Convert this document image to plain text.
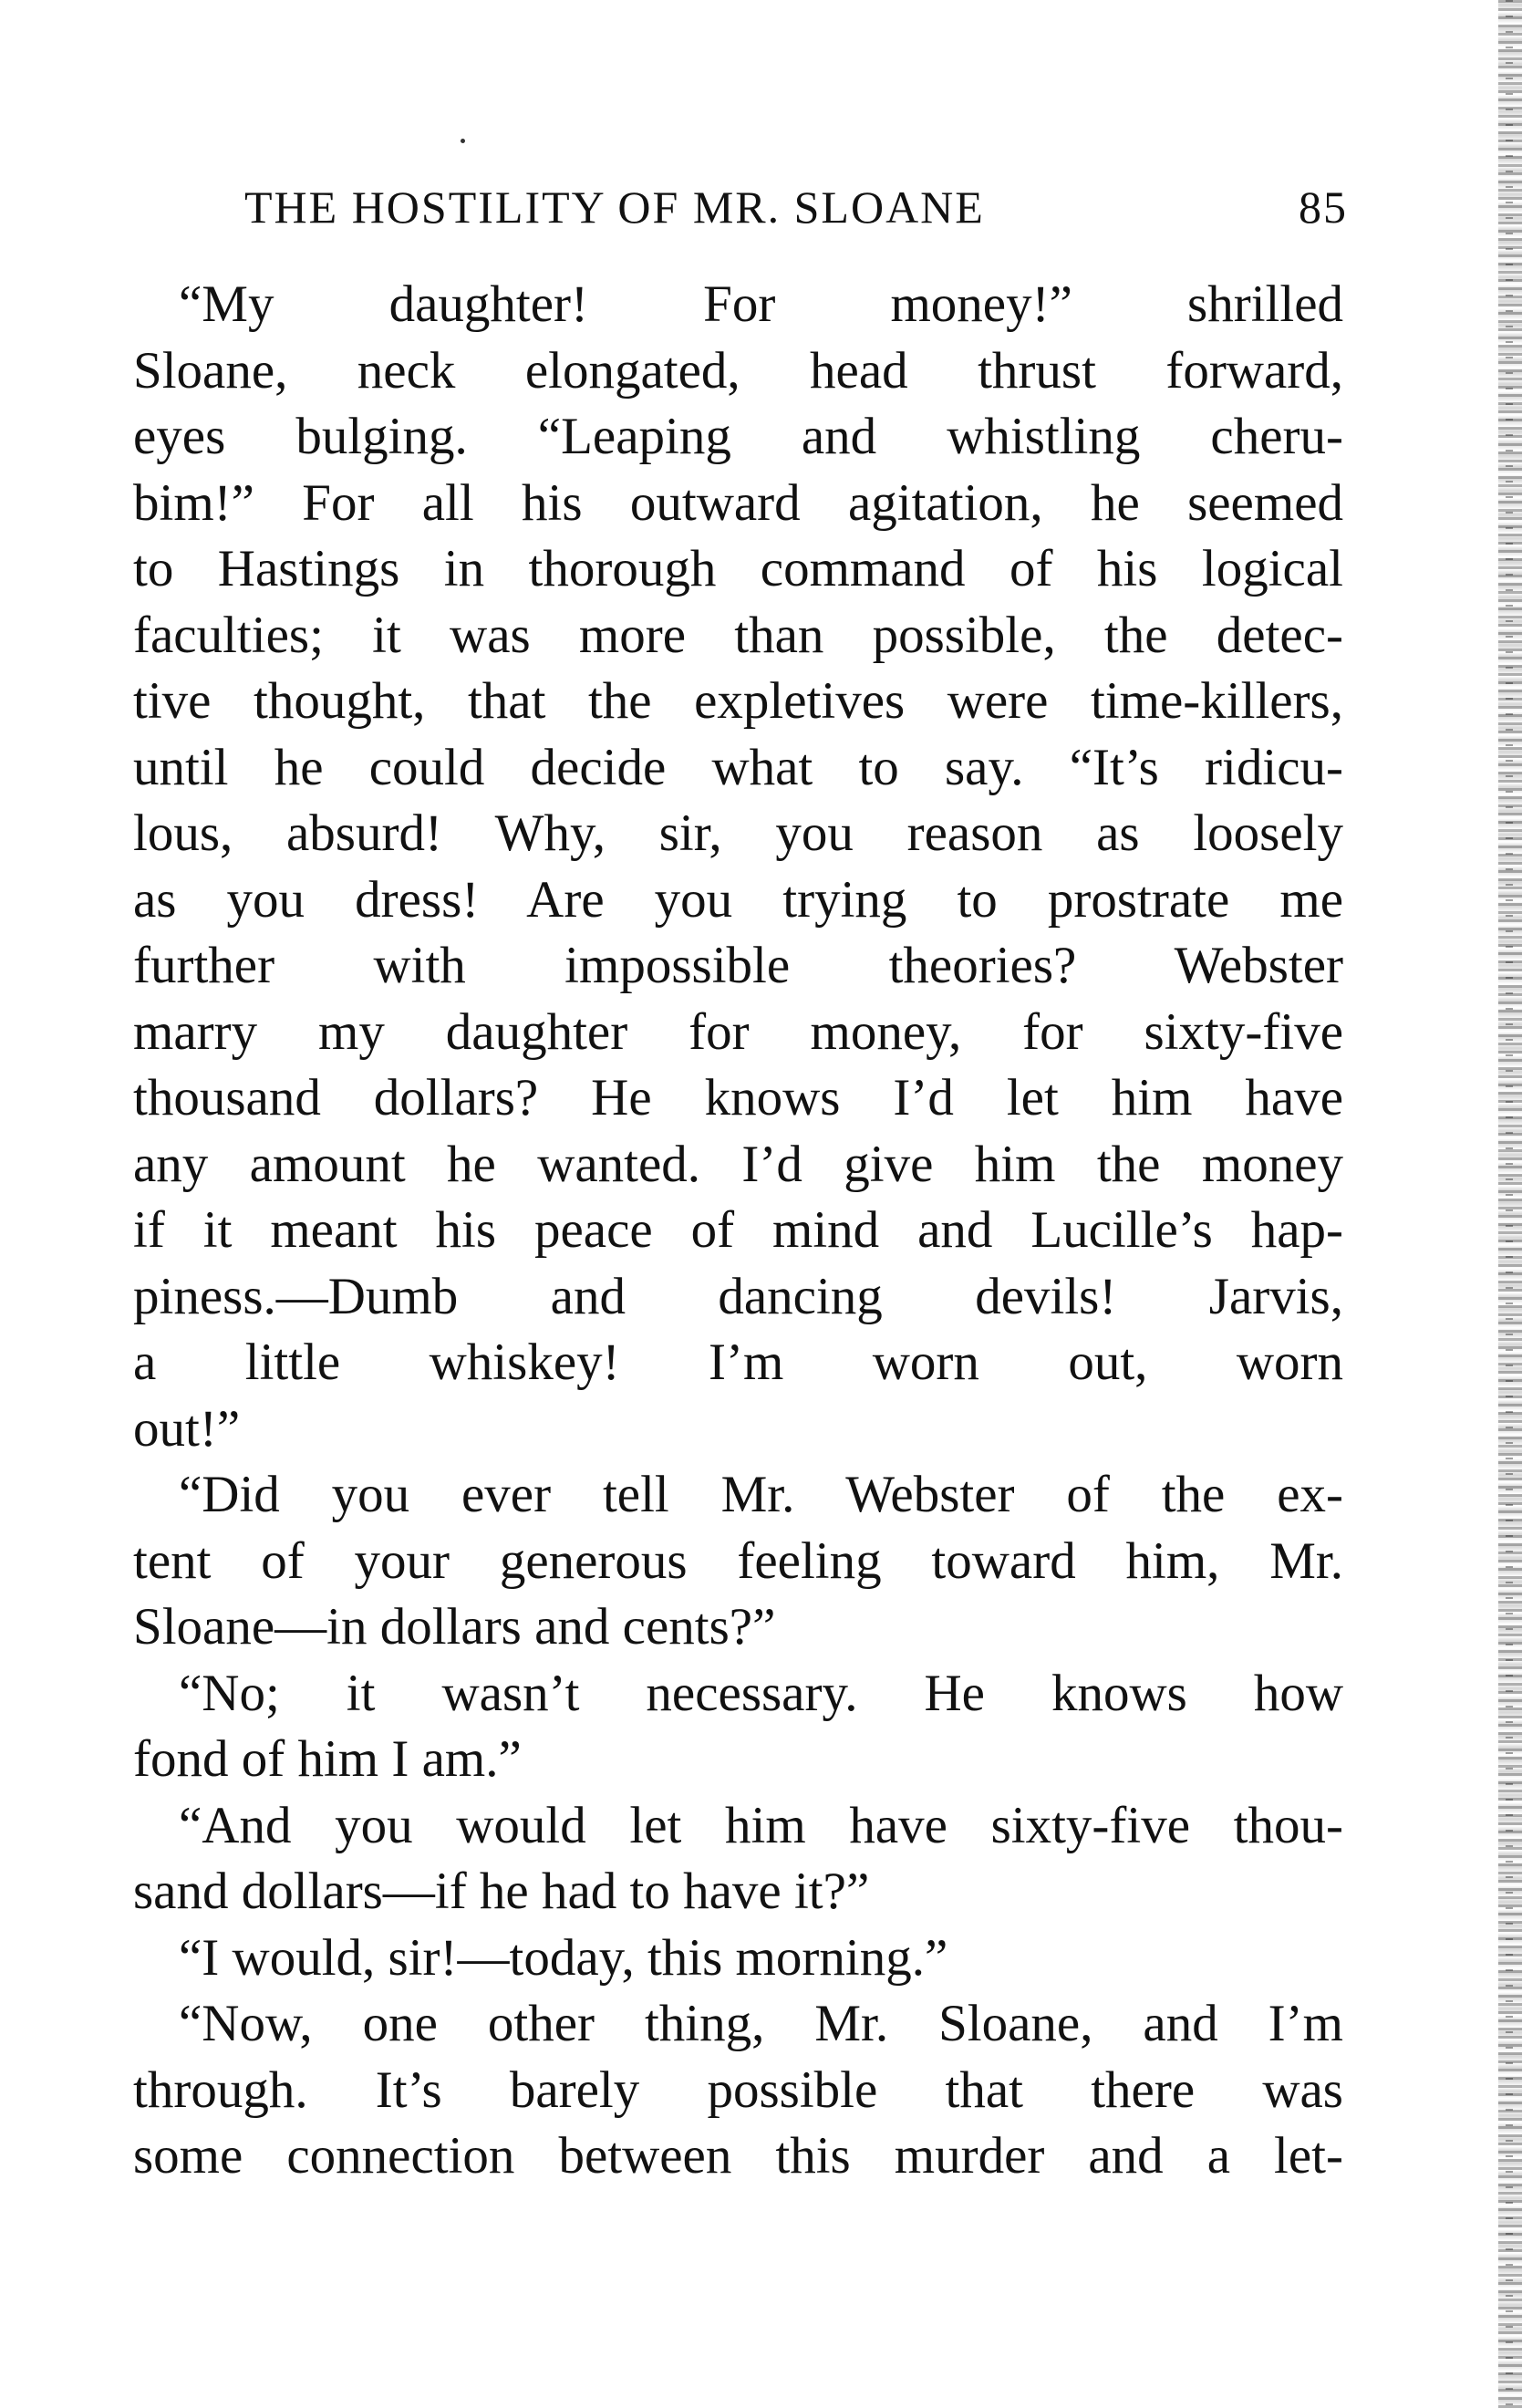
THE HOSTILITY OF MR. SLOANE	85
“My daughter! For money!” shrilled
Sloane, neck elongated, head thrust forward,
eyes bulging. “Leaping and whistling cheru-
bim!” For all his outward agitation, he seemed
to Hastings in thorough command of his logical
faculties; it was more than possible, the detec-
tive thought, that the expletives were time-killers,
until he could decide what to say. “It’s ridicu-
lous, absurd! Why, sir, you reason as loosely
as you dress! Are you trying to prostrate me
further with impossible theories? Webster
marry my daughter for money, for sixty-five
thousand dollars? He knows I’d let him have
any amount he wanted. I’d give him the money
if it meant his peace of mind and Lucille’s hap-
piness.—Dumb and dancing devils! Jarvis,
a little whiskey! I’m worn out, worn
out!”
“Did you ever tell Mr. Webster of the ex-
tent of your generous feeling toward him, Mr.
Sloane—in dollars and cents?”
“No; it wasn’t necessary. He knows how
fond of him I am.”
“And you would let him have sixty-five thou-
sand dollars—if he had to have it?”
“I would, sir!—today, this morning.”
“Now, one other thing, Mr. Sloane, and I’m
through. It’s barely possible that there was
some connection between this murder and a let-
